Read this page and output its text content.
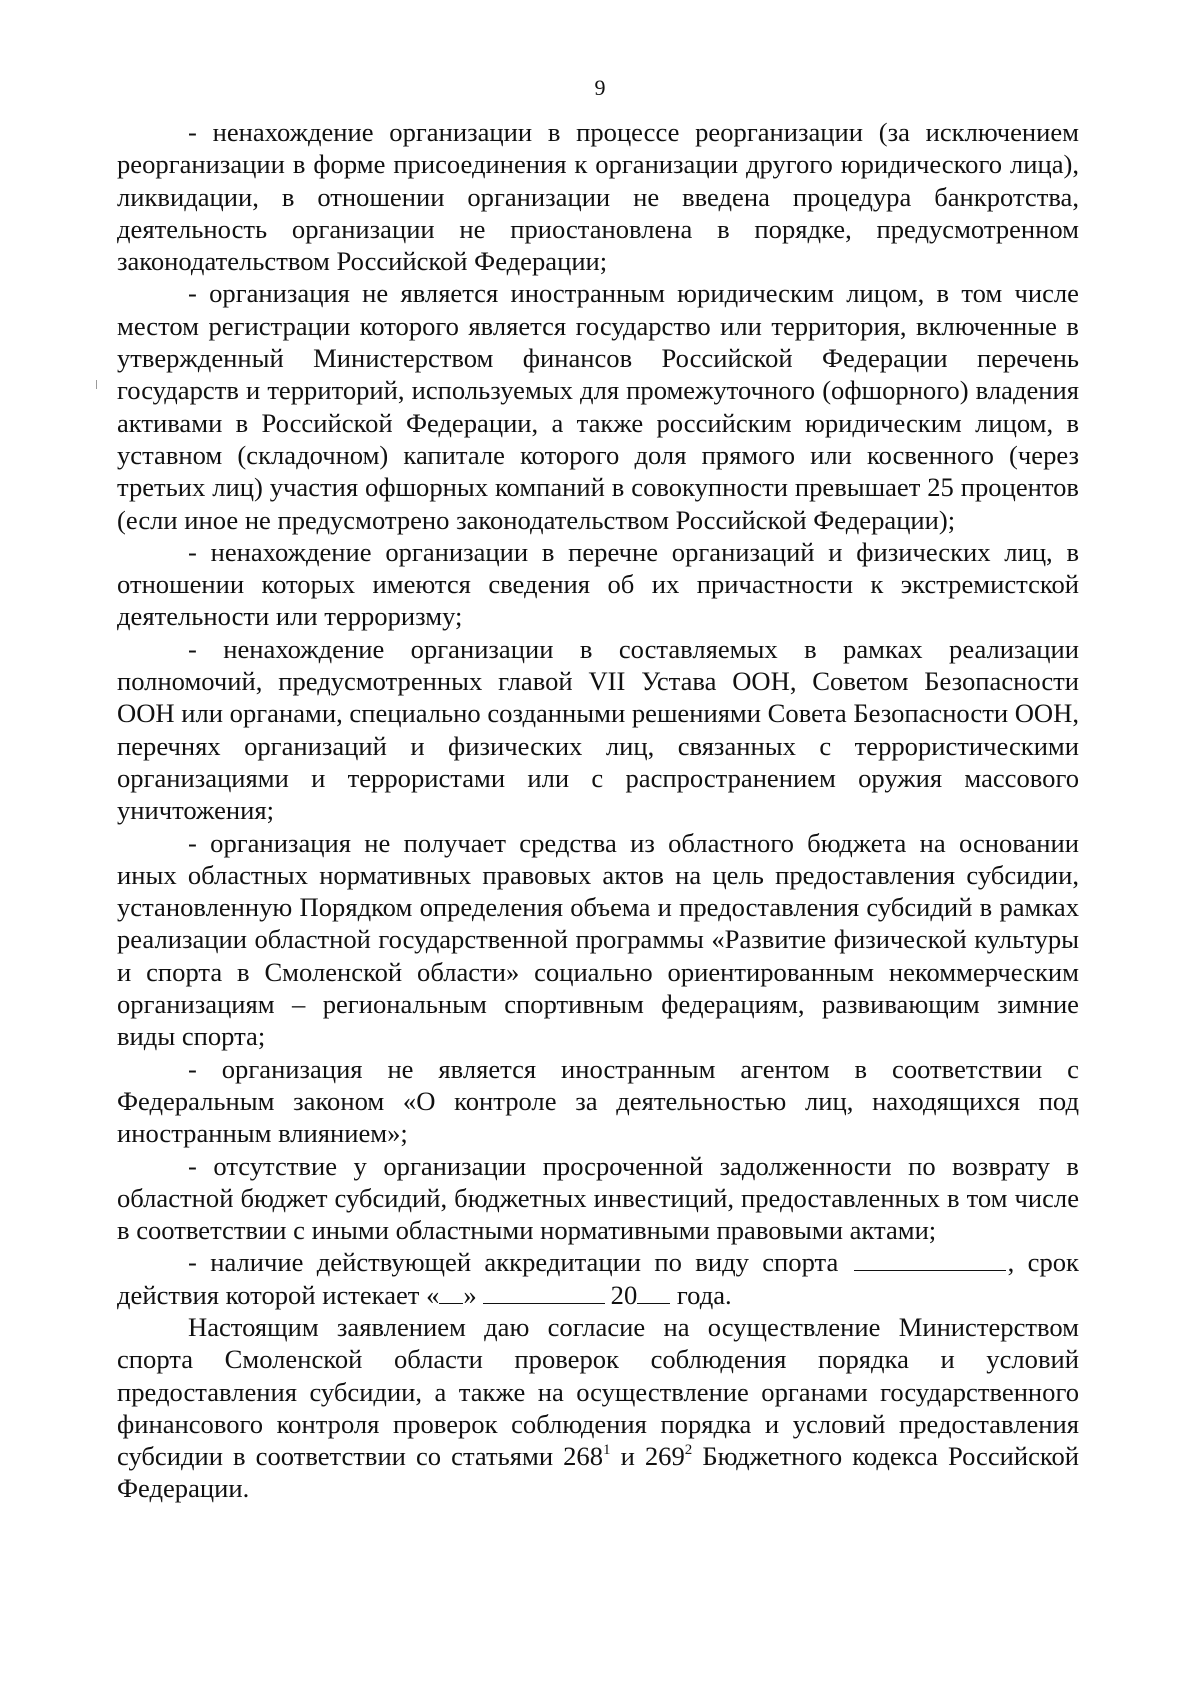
9

- ненахождение организации в процессе реорганизации (за исключением реорганизации в форме присоединения к организации другого юридического лица), ликвидации, в отношении организации не введена процедура банкротства, деятельность организации не приостановлена в порядке, предусмотренном законодательством Российской Федерации;

- организация не является иностранным юридическим лицом, в том числе местом регистрации которого является государство или территория, включенные в утвержденный Министерством финансов Российской Федерации перечень государств и территорий, используемых для промежуточного (офшорного) владения активами в Российской Федерации, а также российским юридическим лицом, в уставном (складочном) капитале которого доля прямого или косвенного (через третьих лиц) участия офшорных компаний в совокупности превышает 25 процентов (если иное не предусмотрено законодательством Российской Федерации);

- ненахождение организации в перечне организаций и физических лиц, в отношении которых имеются сведения об их причастности к экстремистской деятельности или терроризму;

- ненахождение организации в составляемых в рамках реализации полномочий, предусмотренных главой VII Устава ООН, Советом Безопасности ООН или органами, специально созданными решениями Совета Безопасности ООН, перечнях организаций и физических лиц, связанных с террористическими организациями и террористами или с распространением оружия массового уничтожения;

- организация не получает средства из областного бюджета на основании иных областных нормативных правовых актов на цель предоставления субсидии, установленную Порядком определения объема и предоставления субсидий в рамках реализации областной государственной программы «Развитие физической культуры и спорта в Смоленской области» социально ориентированным некоммерческим организациям – региональным спортивным федерациям, развивающим зимние виды спорта;

- организация не является иностранным агентом в соответствии с Федеральным законом «О контроле за деятельностью лиц, находящихся под иностранным влиянием»;

- отсутствие у организации просроченной задолженности по возврату в областной бюджет субсидий, бюджетных инвестиций, предоставленных в том числе в соответствии с иными областными нормативными правовыми актами;

- наличие действующей аккредитации по виду спорта	, срок действия которой истекает « »	20 года.

Настоящим заявлением даю согласие на осуществление Министерством спорта Смоленской области проверок соблюдения порядка и условий предоставления субсидии, а также на осуществление органами государственного финансового контроля проверок соблюдения порядка и условий предоставления субсидии в соответствии со статьями $268^1$ и $269^2$ Бюджетного кодекса Российской Федерации.
